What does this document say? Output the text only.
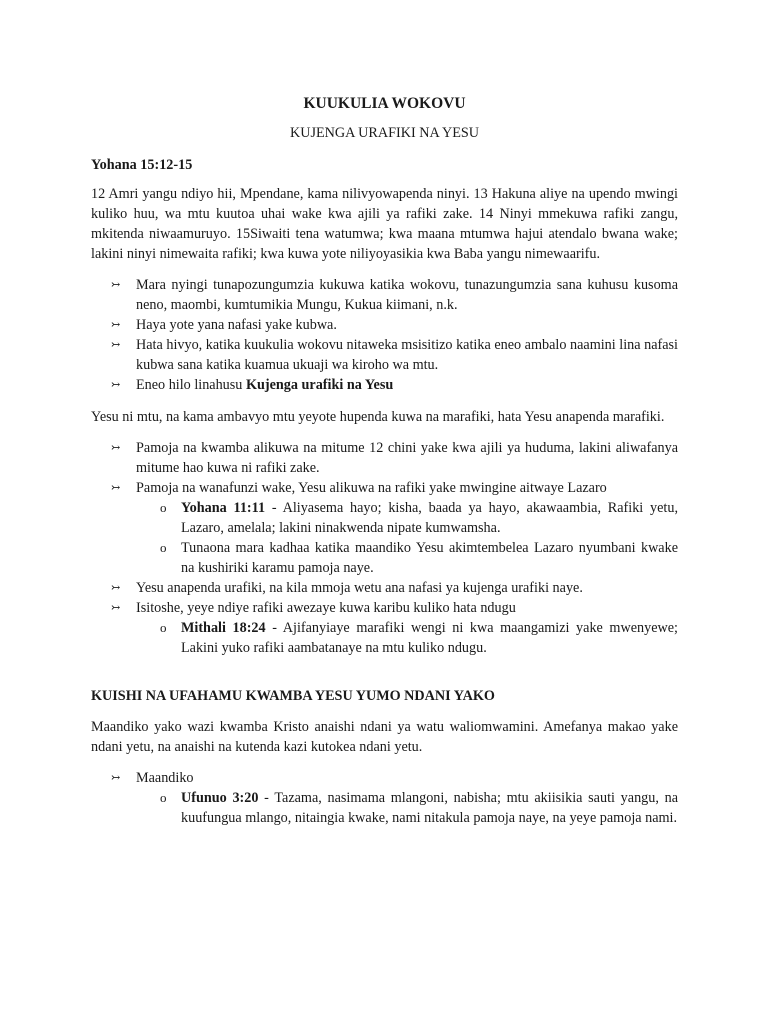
KUUKULIA WOKOVU
KUJENGA URAFIKI NA YESU
Yohana 15:12-15

12 Amri yangu ndiyo hii, Mpendane, kama nilivyowapenda ninyi. 13 Hakuna aliye na upendo mwingi kuliko huu, wa mtu kuutoa uhai wake kwa ajili ya rafiki zake. 14 Ninyi mmekuwa rafiki zangu, mkitenda niwaamuruyo. 15Siwaiti tena watumwa; kwa maana mtumwa hajui atendalo bwana wake; lakini ninyi nimewaita rafiki; kwa kuwa yote niliyoyasikia kwa Baba yangu nimewaarifu.

↣ Mara nyingi tunapozungumzia kukuwa katika wokovu, tunazungumzia sana kuhusu kusoma neno, maombi, kumtumikia Mungu, Kukua kiimani, n.k.
↣ Haya yote yana nafasi yake kubwa.
↣ Hata hivyo, katika kuukulia wokovu nitaweka msisitizo katika eneo ambalo naamini lina nafasi kubwa sana katika kuamua ukuaji wa kiroho wa mtu.
↣ Eneo hilo linahusu Kujenga urafiki na Yesu

Yesu ni mtu, na kama ambavyo mtu yeyote hupenda kuwa na marafiki, hata Yesu anapenda marafiki.

↣ Pamoja na kwamba alikuwa na mitume 12 chini yake kwa ajili ya huduma, lakini aliwafanya mitume hao kuwa ni rafiki zake.
↣ Pamoja na wanafunzi wake, Yesu alikuwa na rafiki yake mwingine aitwaye Lazaro
o Yohana 11:11 - Aliyasema hayo; kisha, baada ya hayo, akawaambia, Rafiki yetu, Lazaro, amelala; lakini ninakwenda nipate kumwamsha.
o Tunaona mara kadhaa katika maandiko Yesu akimtembelea Lazaro nyumbani kwake na kushiriki karamu pamoja naye.
↣ Yesu anapenda urafiki, na kila mmoja wetu ana nafasi ya kujenga urafiki naye.
↣ Isitoshe, yeye ndiye rafiki awezaye kuwa karibu kuliko hata ndugu
o Mithali 18:24 - Ajifanyiaye marafiki wengi ni kwa maangamizi yake mwenyewe; Lakini yuko rafiki aambatanaye na mtu kuliko ndugu.
KUISHI NA UFAHAMU KWAMBA YESU YUMO NDANI YAKO

Maandiko yako wazi kwamba Kristo anaishi ndani ya watu waliomwamini. Amefanya makao yake ndani yetu, na anaishi na kutenda kazi kutokea ndani yetu.

↣ Maandiko
o Ufunuo 3:20 - Tazama, nasimama mlangoni, nabisha; mtu akiisikia sauti yangu, na kuufungua mlango, nitaingia kwake, nami nitakula pamoja naye, na yeye pamoja nami.
